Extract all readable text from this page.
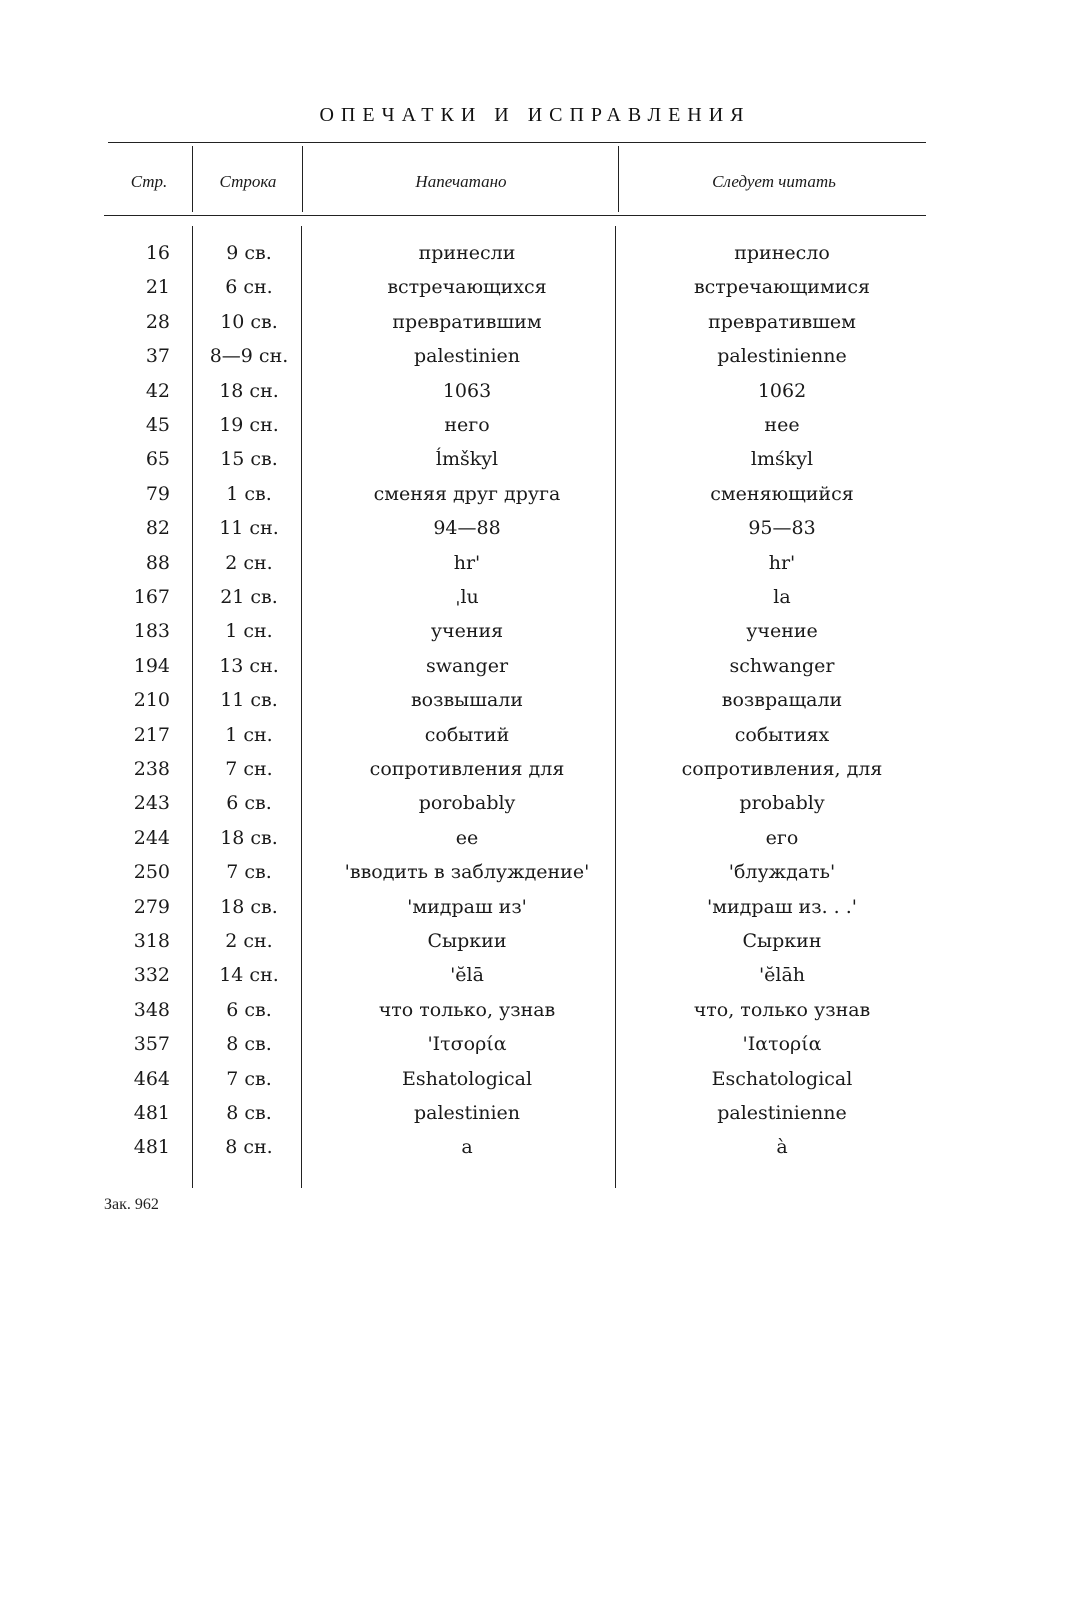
ОПЕЧАТКИ И ИСПРАВЛЕНИЯ
Стр.	Строка	Напечатано	Следует читать
16	9 св.	принесли	принесло
21	6 сн.	встречающихся	встречающимися
28	10 св.	превратившим	превратившем
37	8—9 сн.	palestinien	palestinienne
42	18 сн.	1063	1062
45	19 сн.	него	нее
65	15 св.	ĺmškyl	lmśkyl
79	1 св.	сменяя друг друга	сменяющийся
82	11 сн.	94—88	95—83
88	2 сн.	hr'	hr'
167	21 св.	ˌlu	la
183	1 сн.	учения	учение
194	13 сн.	swanger	schwanger
210	11 св.	возвышали	возвращали
217	1 сн.	событий	событиях
238	7 сн.	сопротивления для	сопротивления, для
243	6 св.	porobably	probably
244	18 св.	ее	его
250	7 св.	'вводить в заблуждение'	'блуждать'
279	18 св.	'мидраш из'	'мидраш из. . .'
318	2 сн.	Сыркии	Сыркин
332	14 сн.	'ĕlā	'ĕlāh
348	6 св.	что только, узнав	что, только узнав
357	8 св.	'Ιτσορία	'Ιατορία
464	7 св.	Eshatological	Eschatological
481	8 св.	palestinien	palestinienne
481	8 сн.	a	à
Зак. 962
